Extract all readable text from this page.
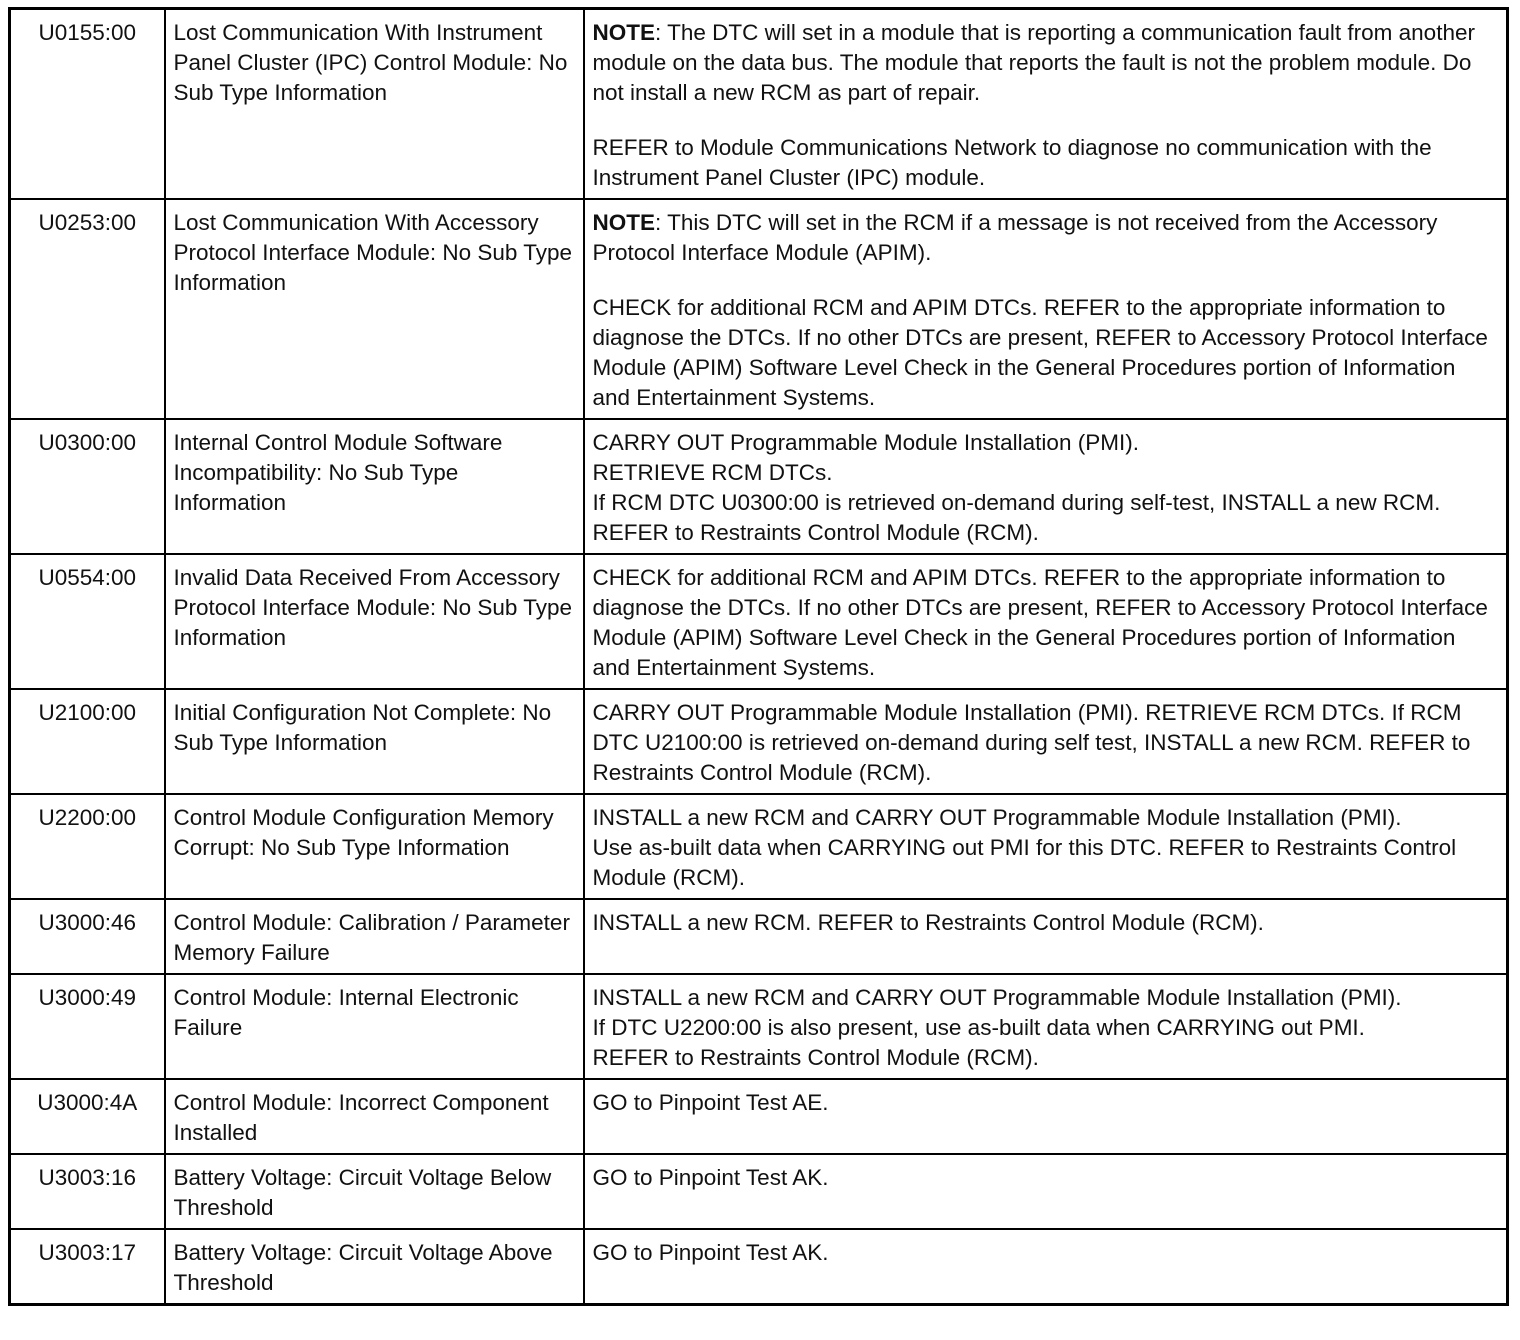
U0155:00	Lost Communication With Instrument Panel Cluster (IPC) Control Module: No Sub Type Information	NOTE: The DTC will set in a module that is reporting a communication fault from another module on the data bus. The module that reports the fault is not the problem module. Do not install a new RCM as part of repair.

REFER to Module Communications Network to diagnose no communication with the Instrument Panel Cluster (IPC) module.

U0253:00	Lost Communication With Accessory Protocol Interface Module: No Sub Type Information	NOTE: This DTC will set in the RCM if a message is not received from the Accessory Protocol Interface Module (APIM).

CHECK for additional RCM and APIM DTCs. REFER to the appropriate information to diagnose the DTCs. If no other DTCs are present, REFER to Accessory Protocol Interface Module (APIM) Software Level Check in the General Procedures portion of Information and Entertainment Systems.

U0300:00	Internal Control Module Software Incompatibility: No Sub Type Information	CARRY OUT Programmable Module Installation (PMI).
RETRIEVE RCM DTCs.
If RCM DTC U0300:00 is retrieved on-demand during self-test, INSTALL a new RCM. REFER to Restraints Control Module (RCM).

U0554:00	Invalid Data Received From Accessory Protocol Interface Module: No Sub Type Information	CHECK for additional RCM and APIM DTCs. REFER to the appropriate information to diagnose the DTCs. If no other DTCs are present, REFER to Accessory Protocol Interface Module (APIM) Software Level Check in the General Procedures portion of Information and Entertainment Systems.

U2100:00	Initial Configuration Not Complete: No Sub Type Information	CARRY OUT Programmable Module Installation (PMI). RETRIEVE RCM DTCs. If RCM DTC U2100:00 is retrieved on-demand during self test, INSTALL a new RCM. REFER to Restraints Control Module (RCM).

U2200:00	Control Module Configuration Memory Corrupt: No Sub Type Information	INSTALL a new RCM and CARRY OUT Programmable Module Installation (PMI).
Use as-built data when CARRYING out PMI for this DTC. REFER to Restraints Control Module (RCM).

U3000:46	Control Module: Calibration / Parameter Memory Failure	INSTALL a new RCM. REFER to Restraints Control Module (RCM).

U3000:49	Control Module: Internal Electronic Failure	INSTALL a new RCM and CARRY OUT Programmable Module Installation (PMI).
If DTC U2200:00 is also present, use as-built data when CARRYING out PMI.
REFER to Restraints Control Module (RCM).

U3000:4A	Control Module: Incorrect Component Installed	GO to Pinpoint Test AE.

U3003:16	Battery Voltage: Circuit Voltage Below Threshold	GO to Pinpoint Test AK.

U3003:17	Battery Voltage: Circuit Voltage Above Threshold	GO to Pinpoint Test AK.
